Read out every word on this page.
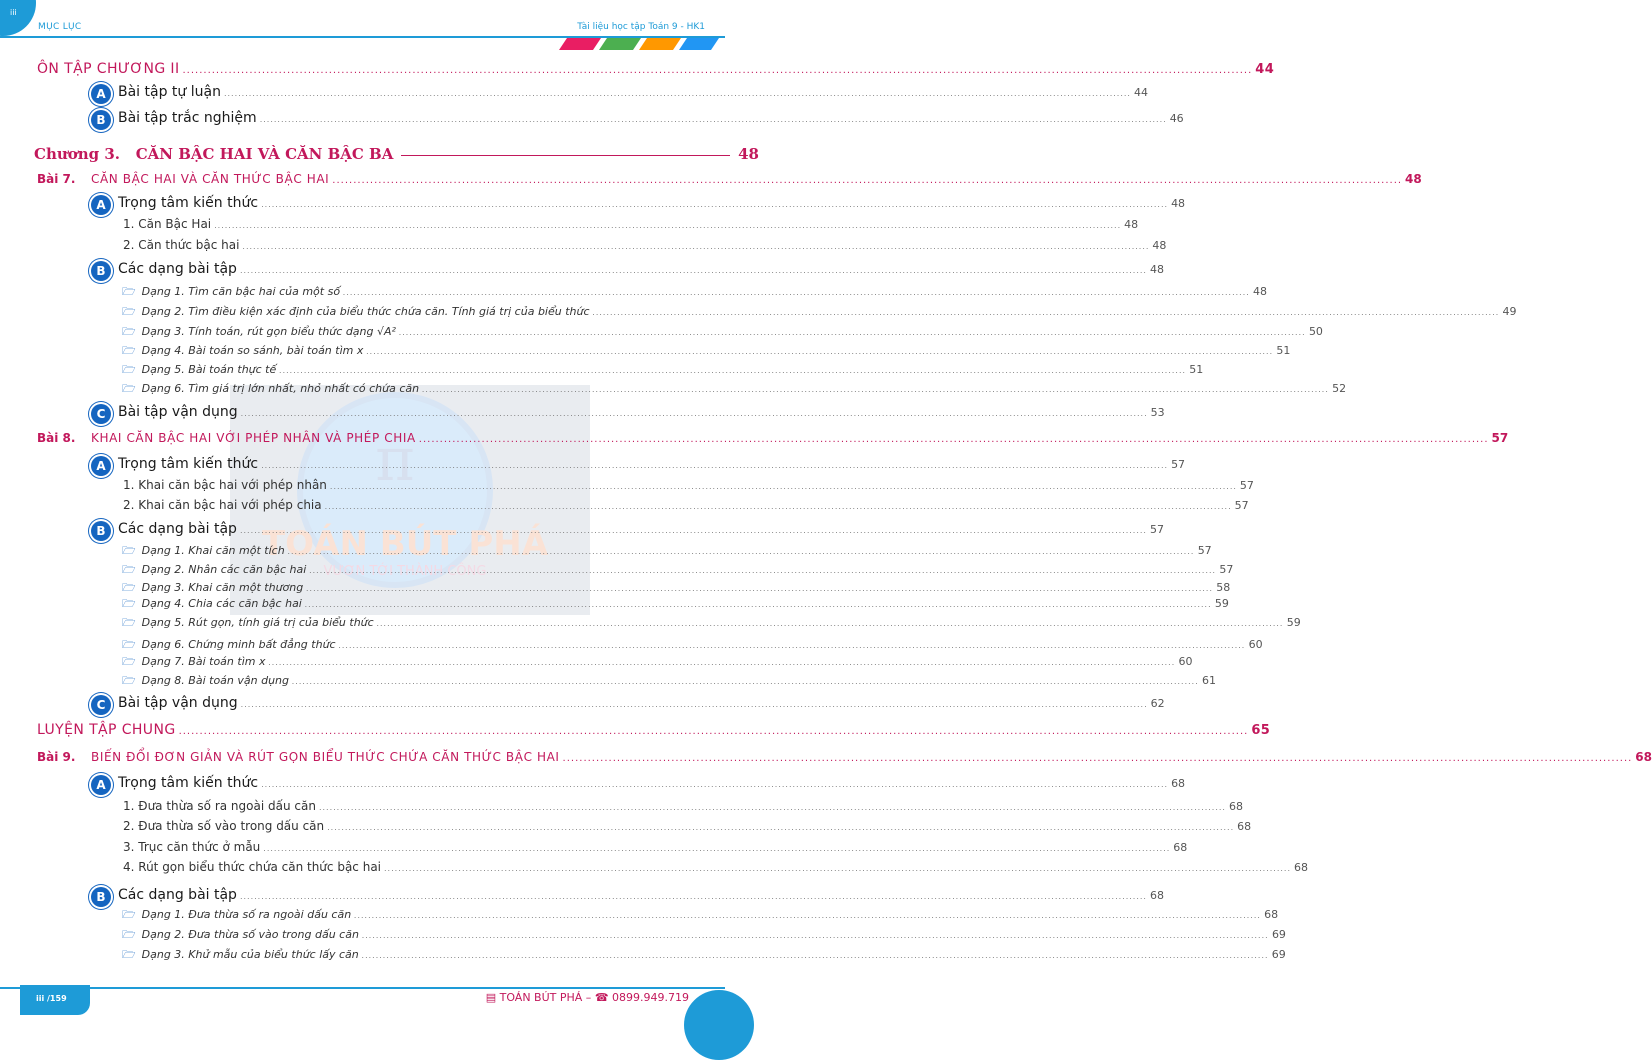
iii
MỤC LỤC	Tài liệu học tập Toán 9 - HK1
π
TOÁN BÚT PHÁ
VƯƠN TỚI THÀNH CÔNG
ÔN TẬP CHƯƠNG II .....	44
A Bài tập tự luận .....	44
B Bài tập trắc nghiệm .....	46
Chương 3.   CĂN BẬC HAI VÀ CĂN BẬC BA	48
Bài 7.	CĂN BẬC HAI VÀ CĂN THỨC BẬC HAI .....	48
A Trọng tâm kiến thức .....	48
1. Căn Bậc Hai .....	48
2. Căn thức bậc hai .....	48
B Các dạng bài tập .....	48
🗁 Dạng 1. Tìm căn bậc hai của một số .....	48
🗁 Dạng 2. Tìm điều kiện xác định của biểu thức chứa căn. Tính giá trị của biểu thức .....	49
🗁 Dạng 3. Tính toán, rút gọn biểu thức dạng √A² .....	50
🗁 Dạng 4. Bài toán so sánh, bài toán tìm x .....	51
🗁 Dạng 5. Bài toán thực tế .....	51
🗁 Dạng 6. Tìm giá trị lớn nhất, nhỏ nhất có chứa căn .....	52
C Bài tập vận dụng .....	53
Bài 8.	KHAI CĂN BẬC HAI VỚI PHÉP NHÂN VÀ PHÉP CHIA .....	57
A Trọng tâm kiến thức .....	57
1. Khai căn bậc hai với phép nhân .....	57
2. Khai căn bậc hai với phép chia .....	57
B Các dạng bài tập .....	57
🗁 Dạng 1. Khai căn một tích .....	57
🗁 Dạng 2. Nhân các căn bậc hai .....	57
🗁 Dạng 3. Khai căn một thương .....	58
🗁 Dạng 4. Chia các căn bậc hai .....	59
🗁 Dạng 5. Rút gọn, tính giá trị của biểu thức .....	59
🗁 Dạng 6. Chứng minh bất đẳng thức .....	60
🗁 Dạng 7. Bài toán tìm x .....	60
🗁 Dạng 8. Bài toán vận dụng .....	61
C Bài tập vận dụng .....	62
LUYỆN TẬP CHUNG .....	65
Bài 9.	BIẾN ĐỔI ĐƠN GIẢN VÀ RÚT GỌN BIỂU THỨC CHỨA CĂN THỨC BẬC HAI .....	68
A Trọng tâm kiến thức .....	68
1. Đưa thừa số ra ngoài dấu căn .....	68
2. Đưa thừa số vào trong dấu căn .....	68
3. Trục căn thức ở mẫu .....	68
4. Rút gọn biểu thức chứa căn thức bậc hai .....	68
B Các dạng bài tập .....	68
🗁 Dạng 1. Đưa thừa số ra ngoài dấu căn .....	68
🗁 Dạng 2. Đưa thừa số vào trong dấu căn .....	69
🗁 Dạng 3. Khử mẫu của biểu thức lấy căn .....	69
iii /159	▤ TOÁN BÚT PHÁ – ☎ 0899.949.719
